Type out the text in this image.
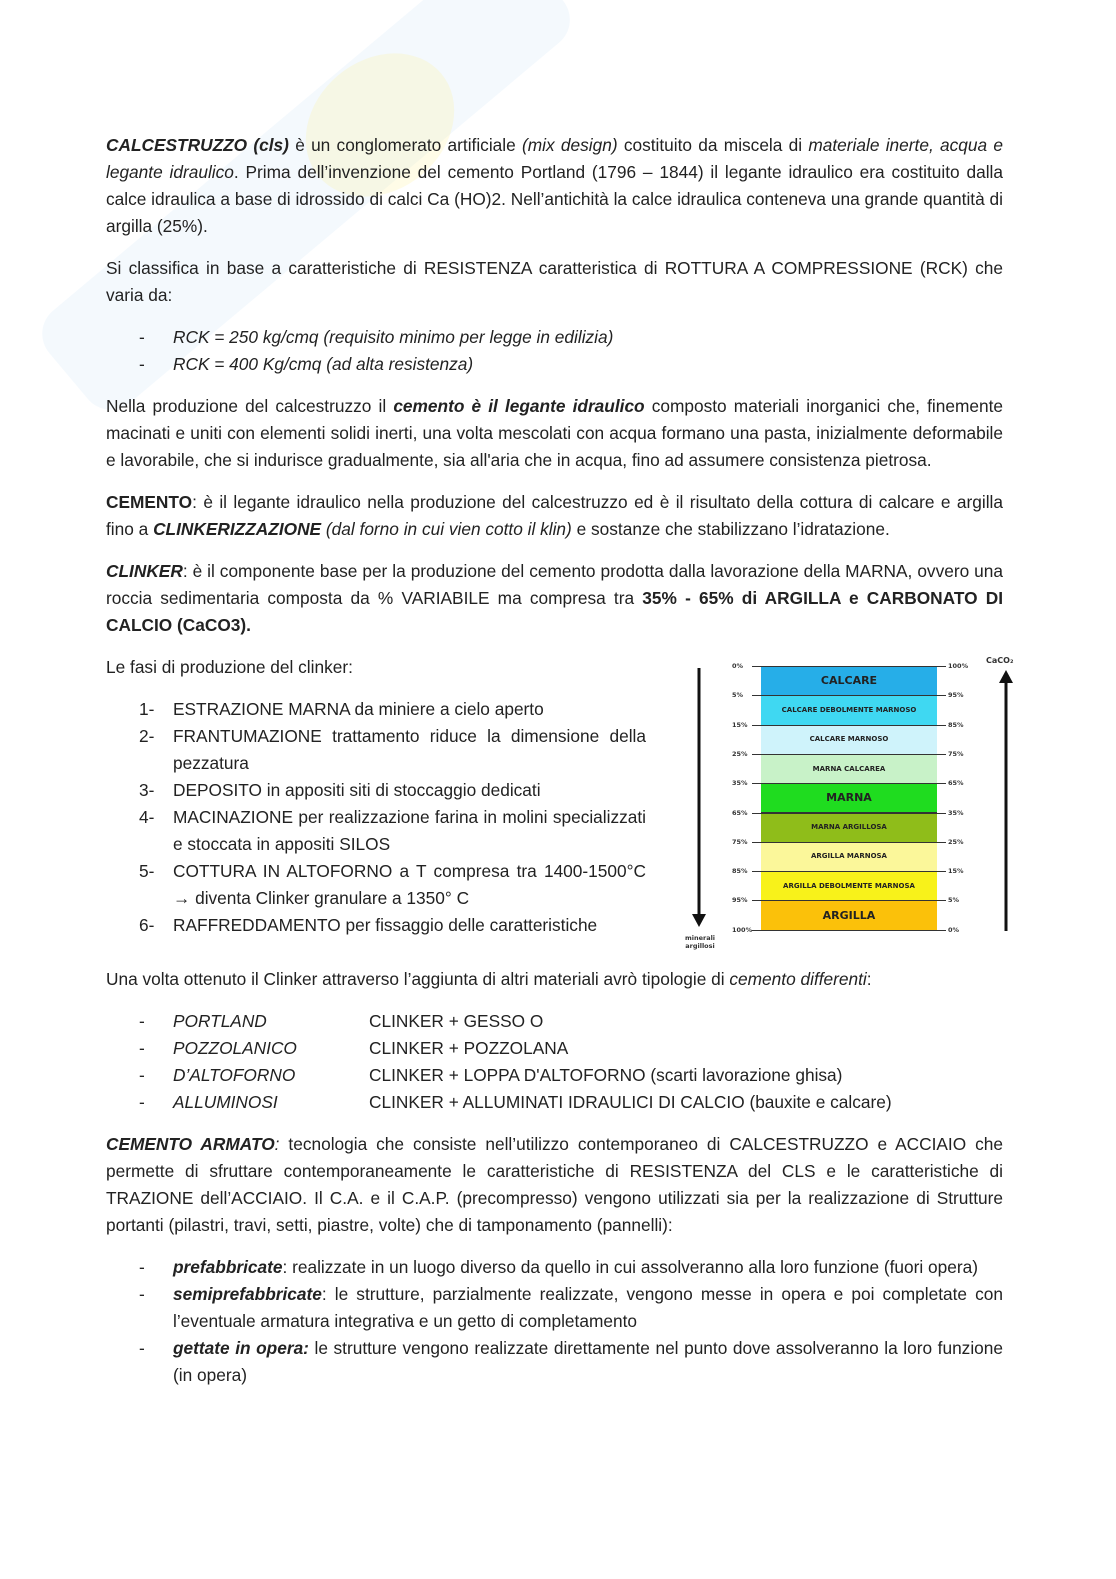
CALCESTRUZZO (cls) è un conglomerato artificiale (mix design) costituito da miscela di materiale inerte, acqua e legante idraulico. Prima dell’invenzione del cemento Portland (1796 – 1844) il legante idraulico era costituito dalla calce idraulica a base di idrossido di calci Ca (HO)2. Nell’antichità la calce idraulica conteneva una grande quantità di argilla (25%).

Si classifica in base a caratteristiche di RESISTENZA caratteristica di ROTTURA A COMPRESSIONE (RCK) che varia da:

- RCK = 250 kg/cmq (requisito minimo per legge in edilizia)
- RCK = 400 Kg/cmq (ad alta resistenza)

Nella produzione del calcestruzzo il cemento è il legante idraulico composto materiali inorganici che, finemente macinati e uniti con elementi solidi inerti, una volta mescolati con acqua formano una pasta, inizialmente deformabile e lavorabile, che si indurisce gradualmente, sia all'aria che in acqua, fino ad assumere consistenza pietrosa.

CEMENTO: è il legante idraulico nella produzione del calcestruzzo ed è il risultato della cottura di calcare e argilla fino a CLINKERIZZAZIONE (dal forno in cui vien cotto il klin) e sostanze che stabilizzano l’idratazione.

CLINKER: è il componente base per la produzione del cemento prodotta dalla lavorazione della MARNA, ovvero una roccia sedimentaria composta da % VARIABILE ma compresa tra 35% - 65% di ARGILLA e CARBONATO DI CALCIO (CaCO3).

minerali argillosi
CaCO₂
CALCARE
CALCARE DEBOLMENTE MARNOSO
CALCARE MARNOSO
MARNA CALCAREA
MARNA
MARNA ARGILLOSA
ARGILLA MARNOSA
ARGILLA DEBOLMENTE MARNOSA
ARGILLA
0%	100%
5%	95%
15%	85%
25%	75%
35%	65%
65%	35%
75%	25%
85%	15%
95%	5%
100%	0%

Le fasi di produzione del clinker:

1- ESTRAZIONE MARNA da miniere a cielo aperto
2- FRANTUMAZIONE trattamento riduce la dimensione della pezzatura
3- DEPOSITO in appositi siti di stoccaggio dedicati
4- MACINAZIONE per realizzazione farina in molini specializzati e stoccata in appositi SILOS
5- COTTURA IN ALTOFORNO a T compresa tra 1400-1500°C → diventa Clinker granulare a 1350° C
6- RAFFREDDAMENTO per fissaggio delle caratteristiche

Una volta ottenuto il Clinker attraverso l’aggiunta di altri materiali avrò tipologie di cemento differenti:

- PORTLAND	CLINKER + GESSO O
- POZZOLANICO	CLINKER + POZZOLANA
- D’ALTOFORNO	CLINKER + LOPPA D'ALTOFORNO (scarti lavorazione ghisa)
- ALLUMINOSI	CLINKER + ALLUMINATI IDRAULICI DI CALCIO (bauxite e calcare)

CEMENTO ARMATO: tecnologia che consiste nell’utilizzo contemporaneo di CALCESTRUZZO e ACCIAIO che permette di sfruttare contemporaneamente le caratteristiche di RESISTENZA del CLS e le caratteristiche di TRAZIONE dell’ACCIAIO. Il C.A. e il C.A.P. (precompresso) vengono utilizzati sia per la realizzazione di Strutture portanti (pilastri, travi, setti, piastre, volte) che di tamponamento (pannelli):

- prefabbricate: realizzate in un luogo diverso da quello in cui assolveranno alla loro funzione (fuori opera)
- semiprefabbricate: le strutture, parzialmente realizzate, vengono messe in opera e poi completate con l’eventuale armatura integrativa e un getto di completamento
- gettate in opera: le strutture vengono realizzate direttamente nel punto dove assolveranno la loro funzione (in opera)
